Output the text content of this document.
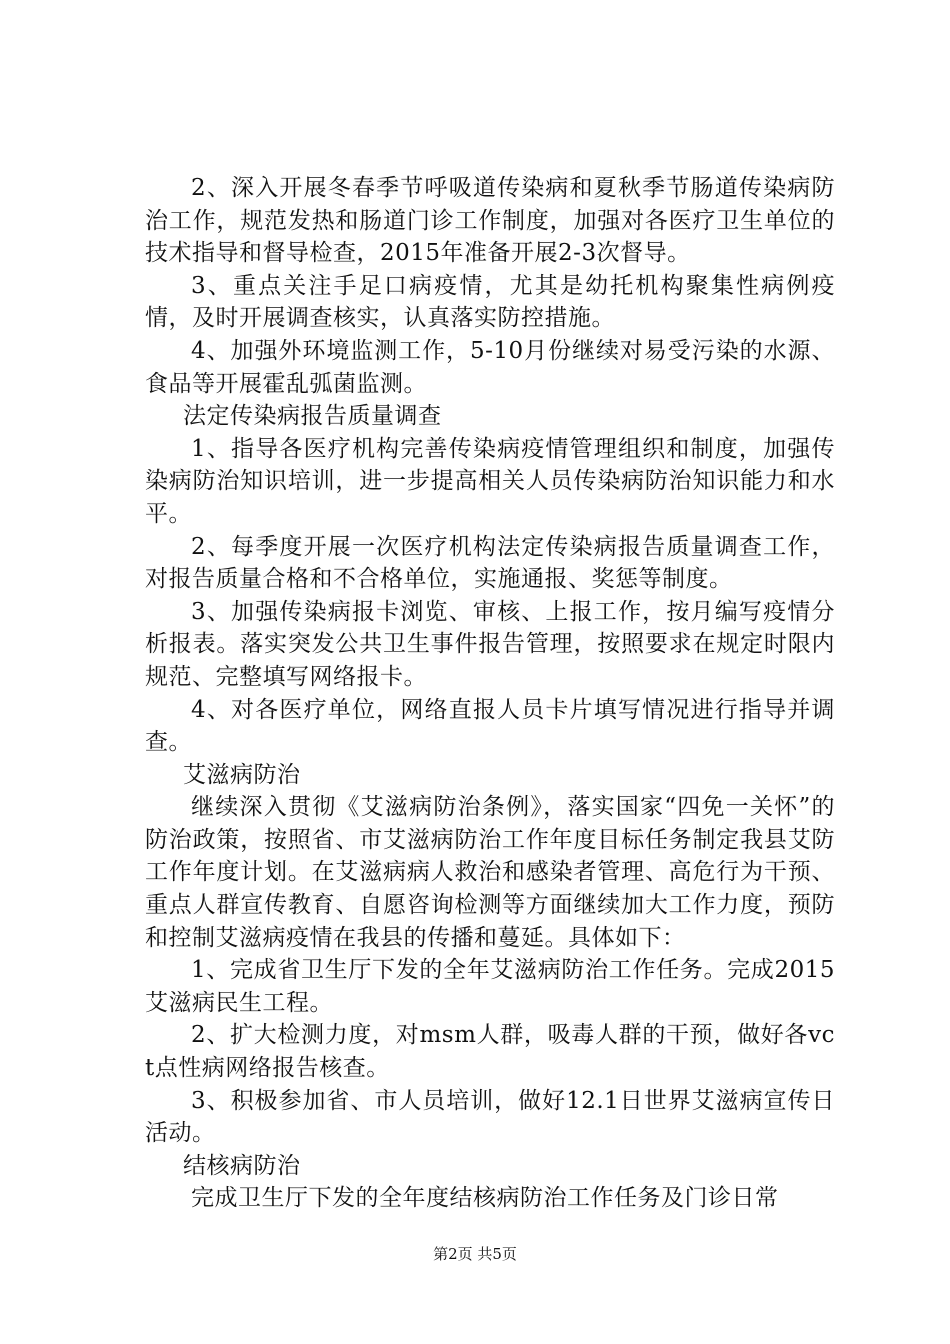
2、深入开展冬春季节呼吸道传染病和夏秋季节肠道传染病防治工作，规范发热和肠道门诊工作制度，加强对各医疗卫生单位的技术指导和督导检查，2015年准备开展2-3次督导。

3、重点关注手足口病疫情，尤其是幼托机构聚集性病例疫情，及时开展调查核实，认真落实防控措施。

4、加强外环境监测工作，5-10月份继续对易受污染的水源、食品等开展霍乱弧菌监测。

法定传染病报告质量调查

1、指导各医疗机构完善传染病疫情管理组织和制度，加强传染病防治知识培训，进一步提高相关人员传染病防治知识能力和水平。

2、每季度开展一次医疗机构法定传染病报告质量调查工作，对报告质量合格和不合格单位，实施通报、奖惩等制度。

3、加强传染病报卡浏览、审核、上报工作，按月编写疫情分析报表。落实突发公共卫生事件报告管理，按照要求在规定时限内规范、完整填写网络报卡。

4、对各医疗单位，网络直报人员卡片填写情况进行指导并调查。

艾滋病防治

继续深入贯彻《艾滋病防治条例》，落实国家“四免一关怀”的防治政策，按照省、市艾滋病防治工作年度目标任务制定我县艾防工作年度计划。在艾滋病病人救治和感染者管理、高危行为干预、重点人群宣传教育、自愿咨询检测等方面继续加大工作力度，预防和控制艾滋病疫情在我县的传播和蔓延。具体如下：

1、完成省卫生厅下发的全年艾滋病防治工作任务。完成2015艾滋病民生工程。

2、扩大检测力度，对msm人群，吸毒人群的干预，做好各vct点性病网络报告核查。

3、积极参加省、市人员培训，做好12.1日世界艾滋病宣传日活动。

结核病防治

完成卫生厅下发的全年度结核病防治工作任务及门诊日常

第2页 共5页
